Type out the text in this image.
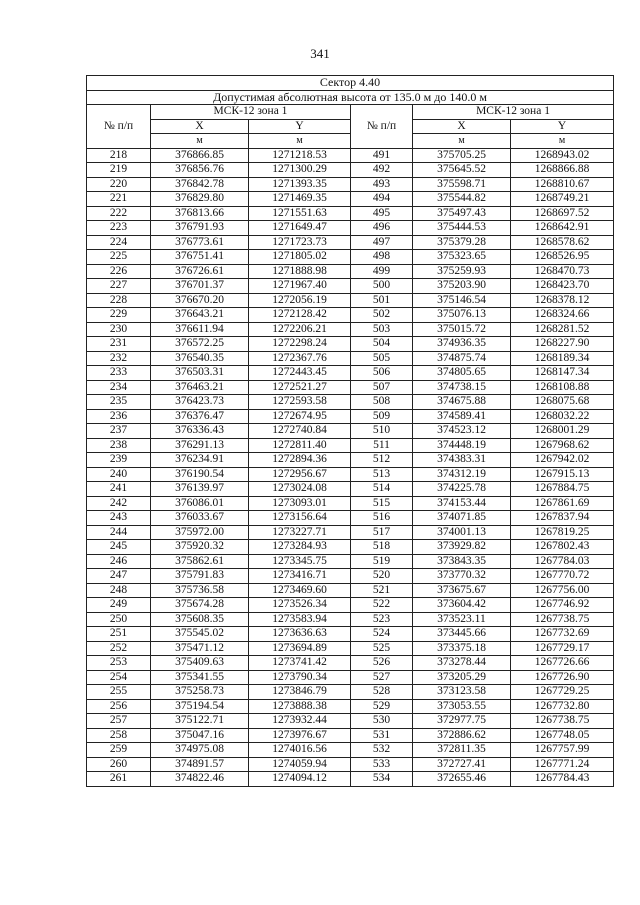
341
Сектор 4.40					
Допустимая абсолютная высота от 135.0 м до 140.0 м					
№ п/п	МСК-12 зона 1		№ п/п	МСК-12 зона 1	
	X	Y		X	Y
	м	м		м	м
218	376866.85	1271218.53	491	375705.25	1268943.02
219	376856.76	1271300.29	492	375645.52	1268866.88
220	376842.78	1271393.35	493	375598.71	1268810.67
221	376829.80	1271469.35	494	375544.82	1268749.21
222	376813.66	1271551.63	495	375497.43	1268697.52
223	376791.93	1271649.47	496	375444.53	1268642.91
224	376773.61	1271723.73	497	375379.28	1268578.62
225	376751.41	1271805.02	498	375323.65	1268526.95
226	376726.61	1271888.98	499	375259.93	1268470.73
227	376701.37	1271967.40	500	375203.90	1268423.70
228	376670.20	1272056.19	501	375146.54	1268378.12
229	376643.21	1272128.42	502	375076.13	1268324.66
230	376611.94	1272206.21	503	375015.72	1268281.52
231	376572.25	1272298.24	504	374936.35	1268227.90
232	376540.35	1272367.76	505	374875.74	1268189.34
233	376503.31	1272443.45	506	374805.65	1268147.34
234	376463.21	1272521.27	507	374738.15	1268108.88
235	376423.73	1272593.58	508	374675.88	1268075.68
236	376376.47	1272674.95	509	374589.41	1268032.22
237	376336.43	1272740.84	510	374523.12	1268001.29
238	376291.13	1272811.40	511	374448.19	1267968.62
239	376234.91	1272894.36	512	374383.31	1267942.02
240	376190.54	1272956.67	513	374312.19	1267915.13
241	376139.97	1273024.08	514	374225.78	1267884.75
242	376086.01	1273093.01	515	374153.44	1267861.69
243	376033.67	1273156.64	516	374071.85	1267837.94
244	375972.00	1273227.71	517	374001.13	1267819.25
245	375920.32	1273284.93	518	373929.82	1267802.43
246	375862.61	1273345.75	519	373843.35	1267784.03
247	375791.83	1273416.71	520	373770.32	1267770.72
248	375736.58	1273469.60	521	373675.67	1267756.00
249	375674.28	1273526.34	522	373604.42	1267746.92
250	375608.35	1273583.94	523	373523.11	1267738.75
251	375545.02	1273636.63	524	373445.66	1267732.69
252	375471.12	1273694.89	525	373375.18	1267729.17
253	375409.63	1273741.42	526	373278.44	1267726.66
254	375341.55	1273790.34	527	373205.29	1267726.90
255	375258.73	1273846.79	528	373123.58	1267729.25
256	375194.54	1273888.38	529	373053.55	1267732.80
257	375122.71	1273932.44	530	372977.75	1267738.75
258	375047.16	1273976.67	531	372886.62	1267748.05
259	374975.08	1274016.56	532	372811.35	1267757.99
260	374891.57	1274059.94	533	372727.41	1267771.24
261	374822.46	1274094.12	534	372655.46	1267784.43
